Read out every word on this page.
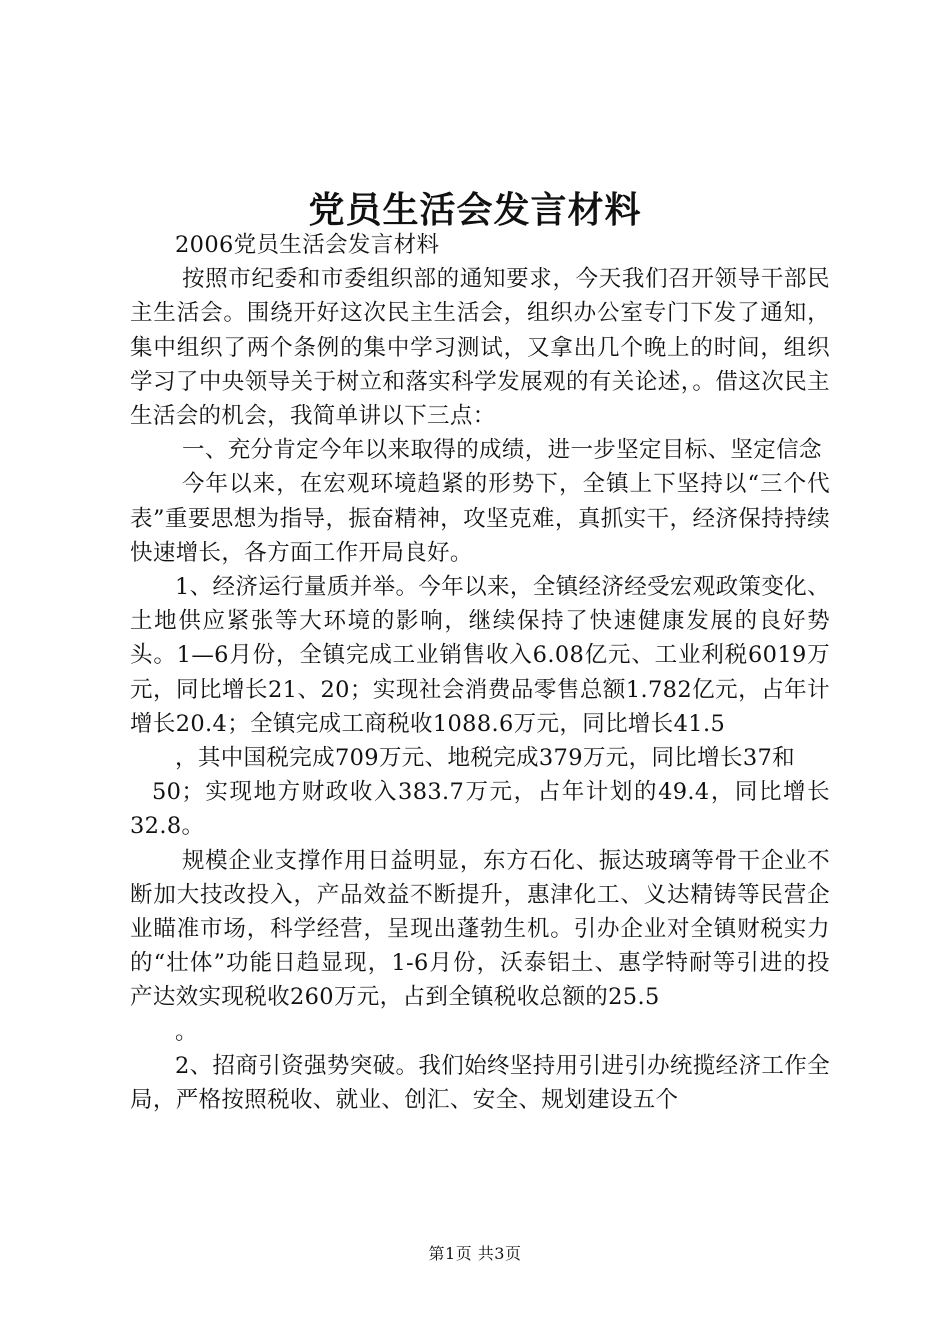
党员生活会发言材料

2006党员生活会发言材料

按照市纪委和市委组织部的通知要求，今天我们召开领导干部民主生活会。围绕开好这次民主生活会，组织办公室专门下发了通知，集中组织了两个条例的集中学习测试，又拿出几个晚上的时间，组织学习了中央领导关于树立和落实科学发展观的有关论述，。借这次民主生活会的机会，我简单讲以下三点：

一、充分肯定今年以来取得的成绩，进一步坚定目标、坚定信念

今年以来，在宏观环境趋紧的形势下，全镇上下坚持以“三个代表”重要思想为指导，振奋精神，攻坚克难，真抓实干，经济保持持续快速增长，各方面工作开局良好。

1、经济运行量质并举。今年以来，全镇经济经受宏观政策变化、土地供应紧张等大环境的影响，继续保持了快速健康发展的良好势头。1—6月份，全镇完成工业销售收入6.08亿元、工业利税6019万元，同比增长21、20；实现社会消费品零售总额1.782亿元，占年计增长20.4；全镇完成工商税收1088.6万元，同比增长41.5

，其中国税完成709万元、地税完成379万元，同比增长37和

50；实现地方财政收入383.7万元，占年计划的49.4，同比增长32.8。

规模企业支撑作用日益明显，东方石化、振达玻璃等骨干企业不断加大技改投入，产品效益不断提升，惠津化工、义达精铸等民营企业瞄准市场，科学经营，呈现出蓬勃生机。引办企业对全镇财税实力的“壮体”功能日趋显现，1-6月份，沃泰铝土、惠学特耐等引进的投产达效实现税收260万元，占到全镇税收总额的25.5

。

2、招商引资强势突破。我们始终坚持用引进引办统揽经济工作全局，严格按照税收、就业、创汇、安全、规划建设五个

第1页 共3页
